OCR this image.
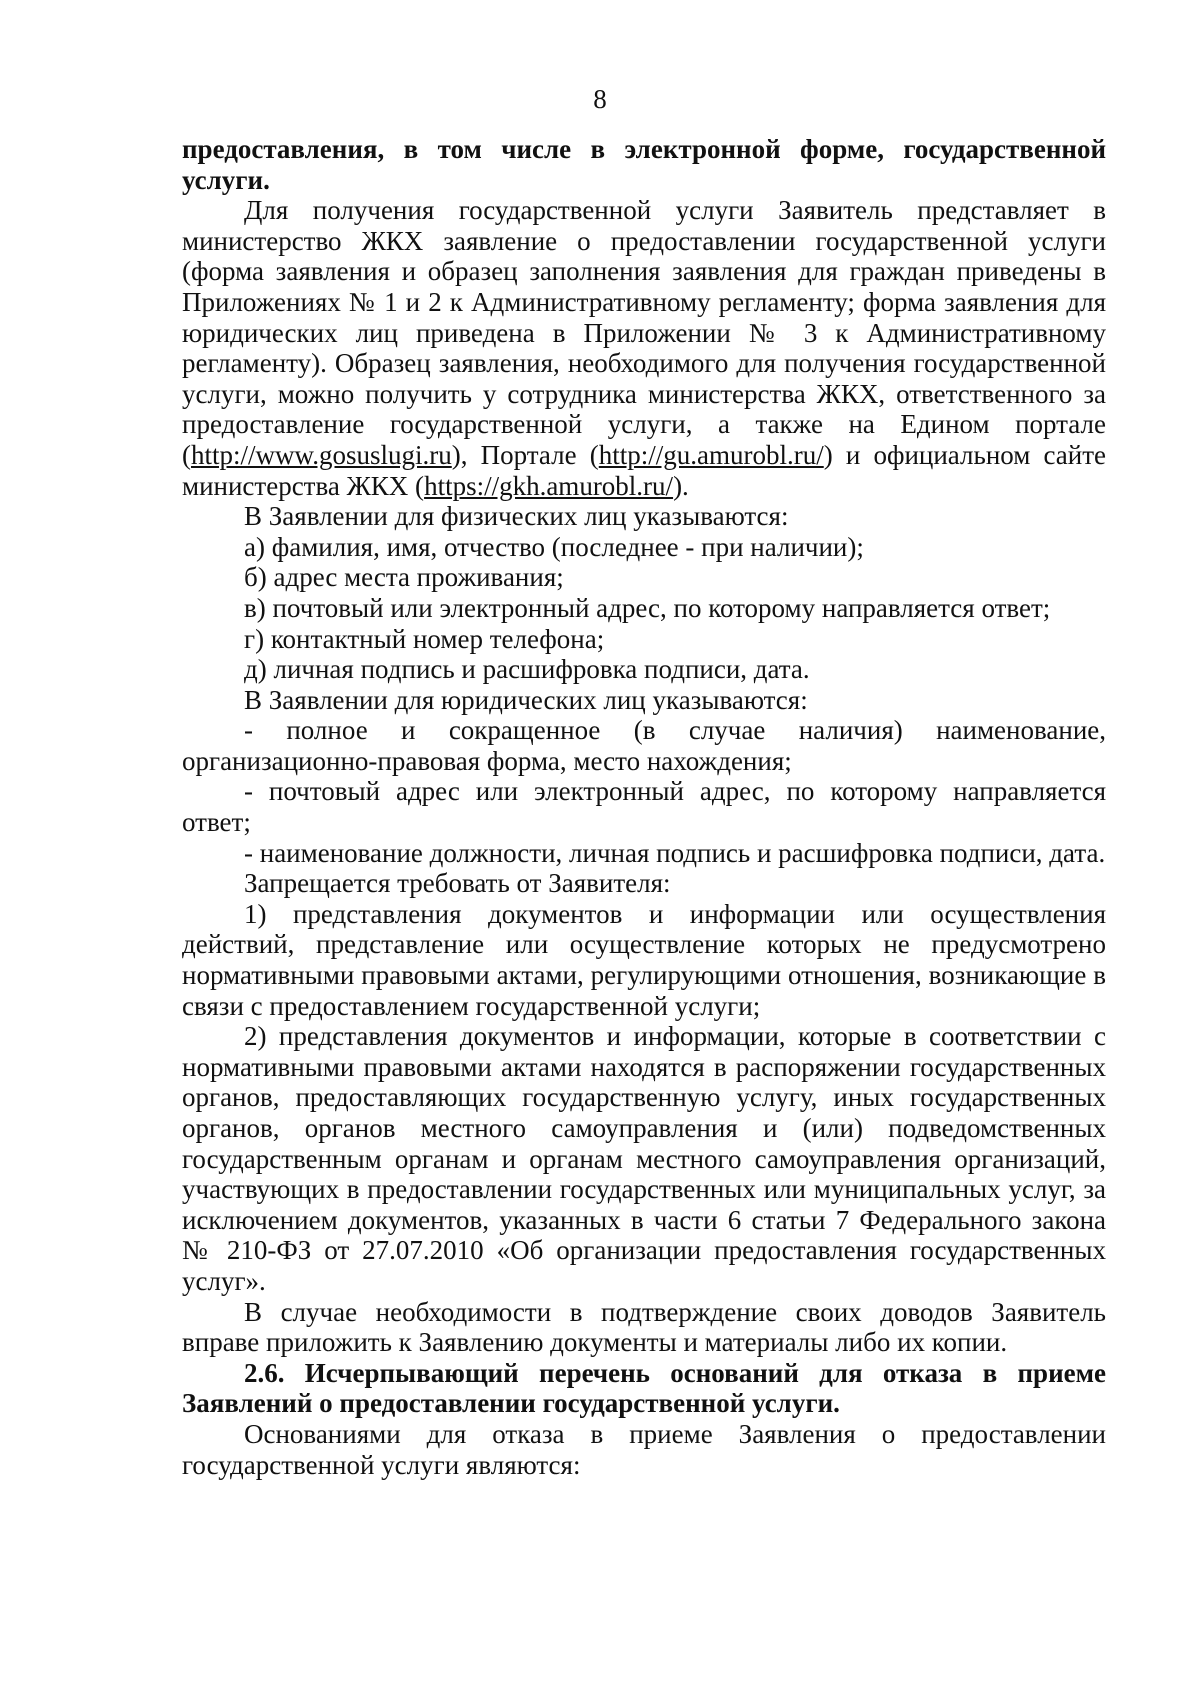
8

предоставления, в том числе в электронной форме, государственной услуги.

Для получения государственной услуги Заявитель представляет в министерство ЖКХ заявление о предоставлении государственной услуги (форма заявления и образец заполнения заявления для граждан приведены в Приложениях № 1 и 2 к Административному регламенту; форма заявления для юридических лиц приведена в Приложении № 3 к Административному регламенту). Образец заявления, необходимого для получения государственной услуги, можно получить у сотрудника министерства ЖКХ, ответственного за предоставление государственной услуги, а также на Едином портале (http://www.gosuslugi.ru), Портале (http://gu.amurobl.ru/) и официальном сайте министерства ЖКХ (https://gkh.amurobl.ru/).

В Заявлении для физических лиц указываются:

а) фамилия, имя, отчество (последнее - при наличии);

б) адрес места проживания;

в) почтовый или электронный адрес, по которому направляется ответ;

г) контактный номер телефона;

д) личная подпись и расшифровка подписи, дата.

В Заявлении для юридических лиц указываются:

- полное и сокращенное (в случае наличия) наименование, организационно-правовая форма, место нахождения;

- почтовый адрес или электронный адрес, по которому направляется ответ;

- наименование должности, личная подпись и расшифровка подписи, дата.

Запрещается требовать от Заявителя:

1) представления документов и информации или осуществления действий, представление или осуществление которых не предусмотрено нормативными правовыми актами, регулирующими отношения, возникающие в связи с предоставлением государственной услуги;

2) представления документов и информации, которые в соответствии с нормативными правовыми актами находятся в распоряжении государственных органов, предоставляющих государственную услугу, иных государственных органов, органов местного самоуправления и (или) подведомственных государственным органам и органам местного самоуправления организаций, участвующих в предоставлении государственных или муниципальных услуг, за исключением документов, указанных в части 6 статьи 7 Федерального закона № 210-ФЗ от 27.07.2010 «Об организации предоставления государственных услуг».

В случае необходимости в подтверждение своих доводов Заявитель вправе приложить к Заявлению документы и материалы либо их копии.

2.6. Исчерпывающий перечень оснований для отказа в приеме Заявлений о предоставлении государственной услуги.

Основаниями для отказа в приеме Заявления о предоставлении государственной услуги являются:
